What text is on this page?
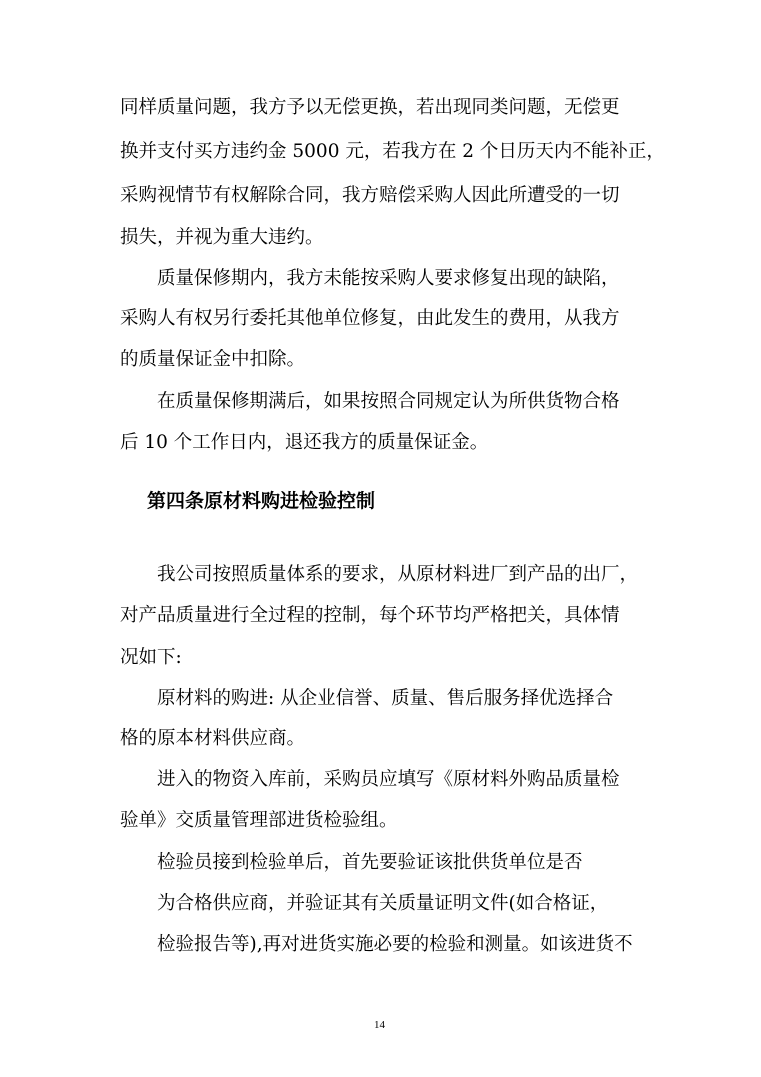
同样质量问题，我方予以无偿更换，若出现同类问题，无偿更
换并支付买方违约金 5000 元，若我方在 2 个日历天内不能补正，
采购视情节有权解除合同，我方赔偿采购人因此所遭受的一切
损失，并视为重大违约。
质量保修期内，我方未能按采购人要求修复出现的缺陷，
采购人有权另行委托其他单位修复，由此发生的费用，从我方
的质量保证金中扣除。
在质量保修期满后，如果按照合同规定认为所供货物合格
后 10 个工作日内，退还我方的质量保证金。
第四条原材料购进检验控制
我公司按照质量体系的要求，从原材料进厂到产品的出厂，
对产品质量进行全过程的控制，每个环节均严格把关，具体情
况如下:
原材料的购进: 从企业信誉、质量、售后服务择优选择合
格的原本材料供应商。
进入的物资入库前，采购员应填写《原材料外购品质量检
验单》交质量管理部进货检验组。
检验员接到检验单后，首先要验证该批供货单位是否
为合格供应商，并验证其有关质量证明文件(如合格证，
检验报告等),再对进货实施必要的检验和测量。如该进货不
14
